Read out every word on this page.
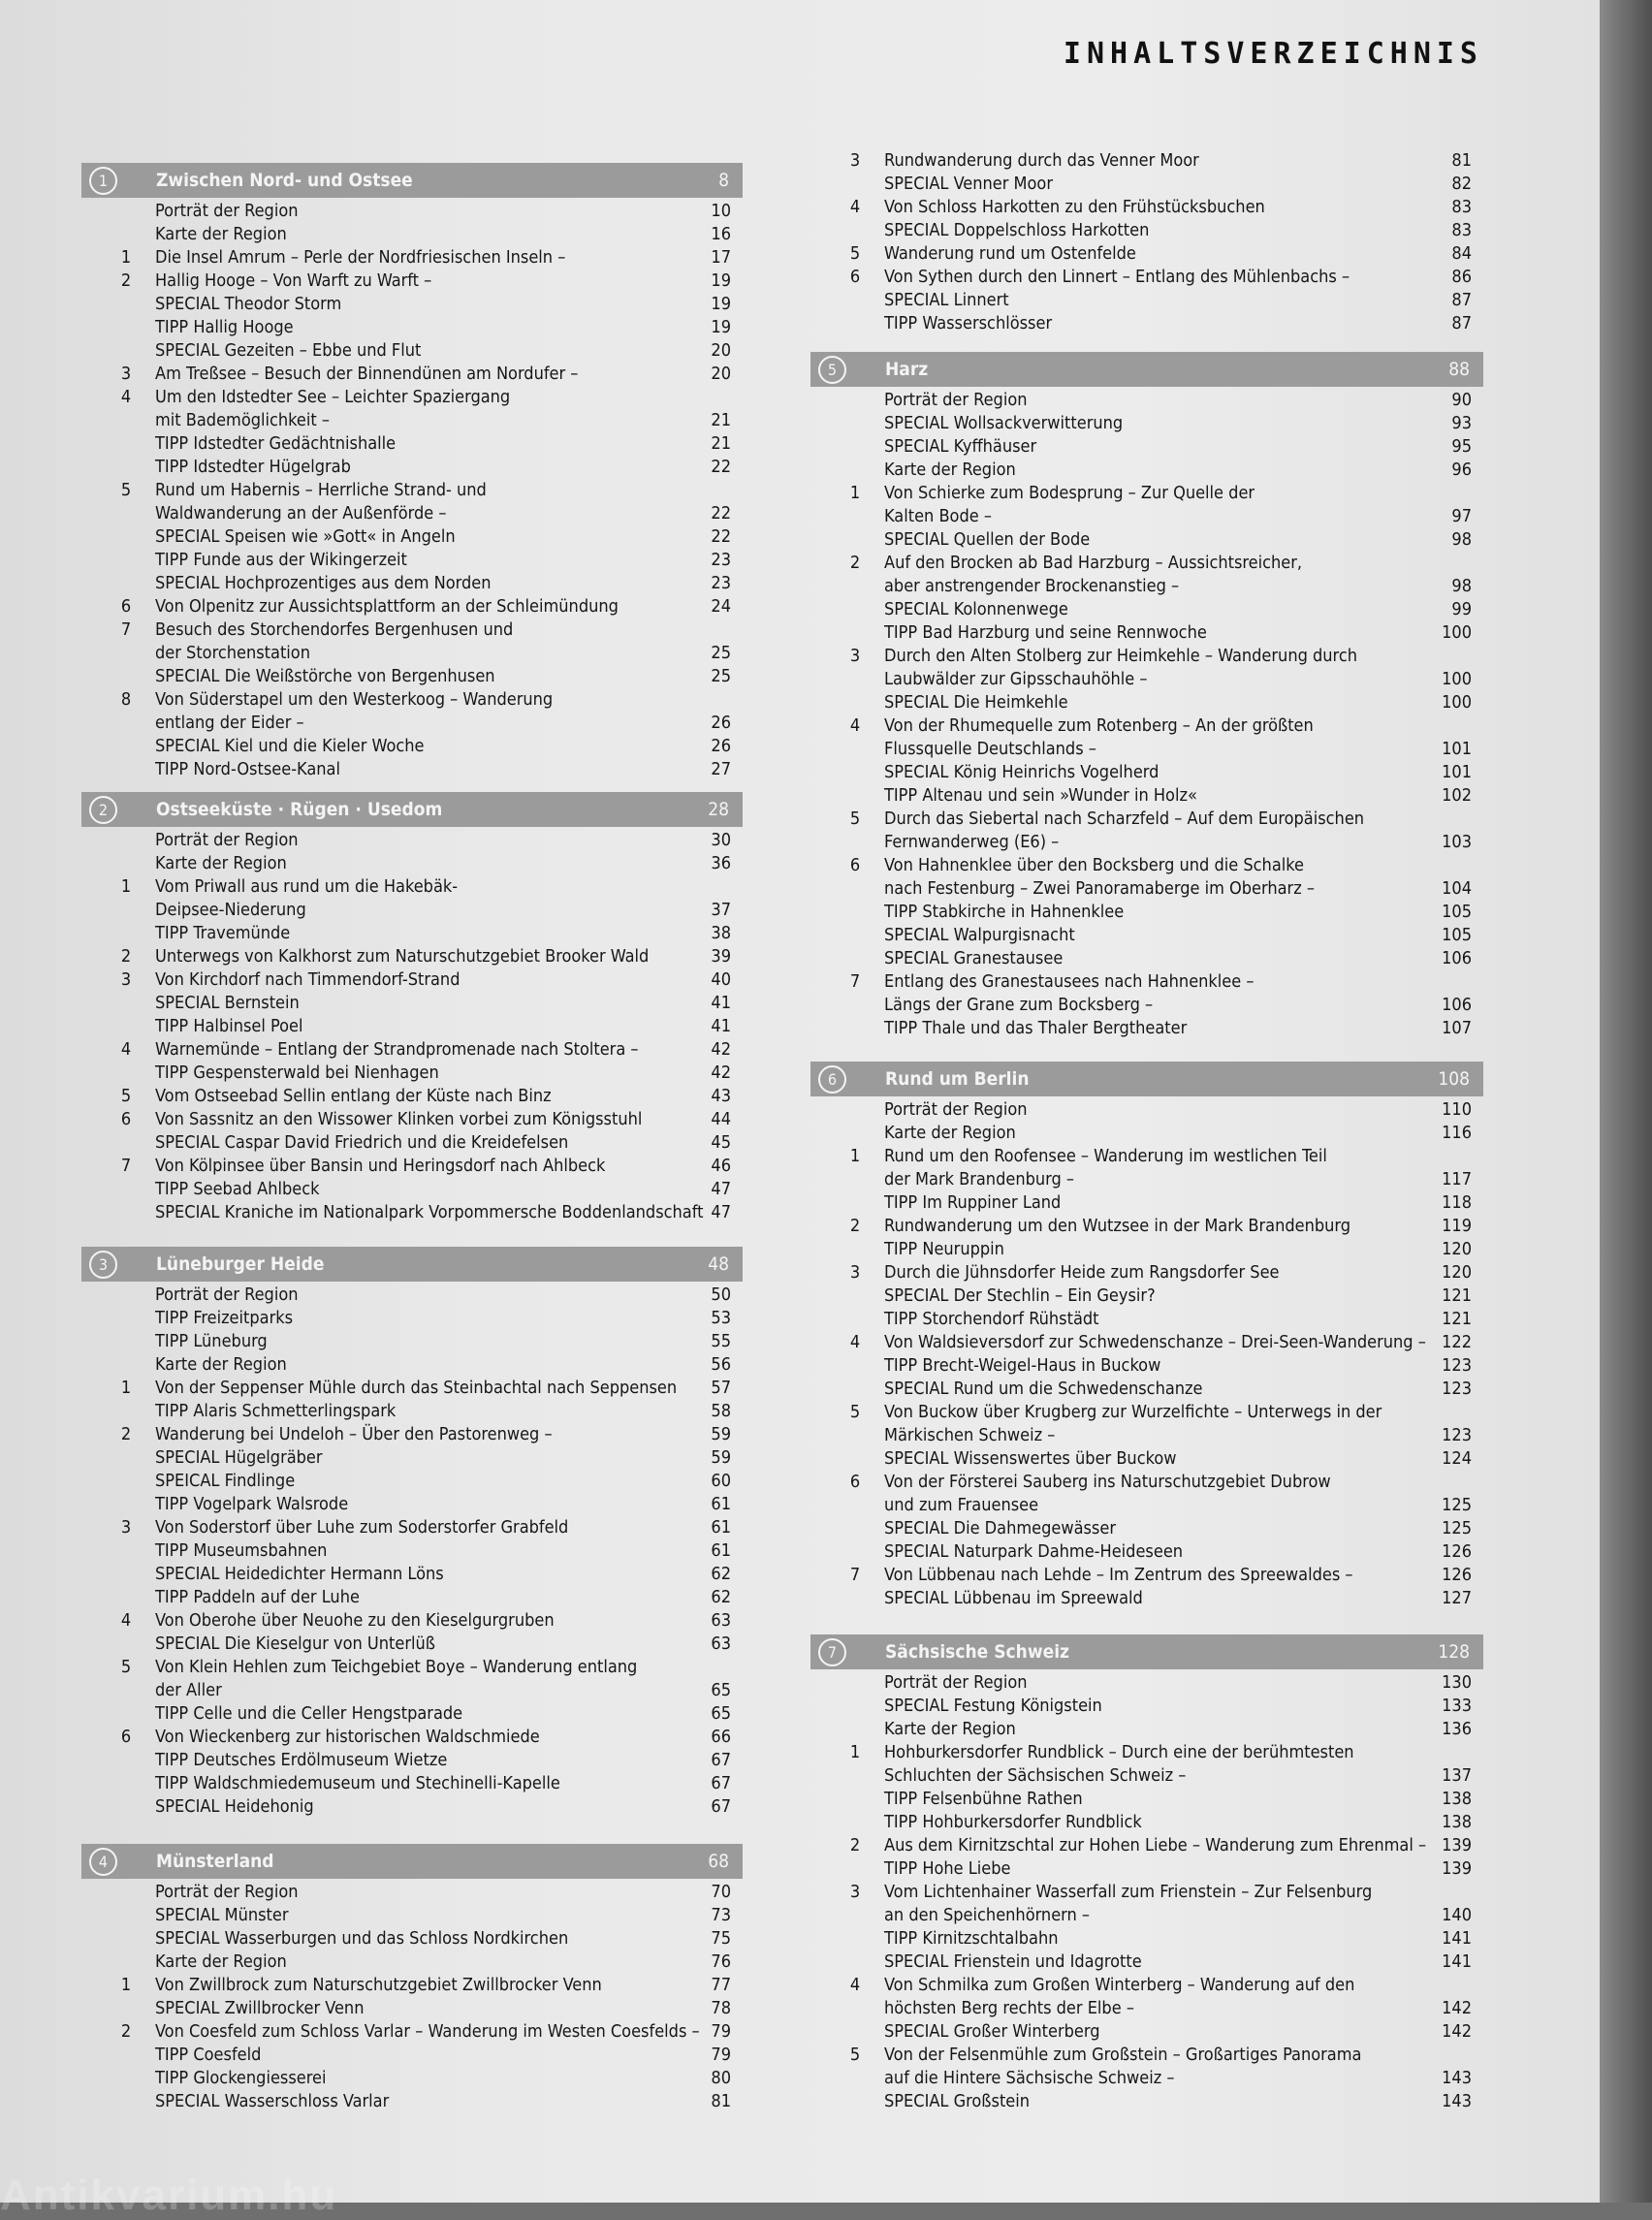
INHALTSVERZEICHNIS
1	Zwischen Nord- und Ostsee	8
Porträt der Region	10
Karte der Region	16
1 Die Insel Amrum – Perle der Nordfriesischen Inseln –	17
2 Hallig Hooge – Von Warft zu Warft –	19
SPECIAL Theodor Storm	19
TIPP Hallig Hooge	19
SPECIAL Gezeiten – Ebbe und Flut	20
3 Am Treßsee – Besuch der Binnendünen am Nordufer –	20
4 Um den Idstedter See – Leichter Spaziergang
mit Bademöglichkeit –	21
TIPP Idstedter Gedächtnishalle	21
TIPP Idstedter Hügelgrab	22
5 Rund um Habernis – Herrliche Strand- und
Waldwanderung an der Außenförde –	22
SPECIAL Speisen wie »Gott« in Angeln	22
TIPP Funde aus der Wikingerzeit	23
SPECIAL Hochprozentiges aus dem Norden	23
6 Von Olpenitz zur Aussichtsplattform an der Schleimündung	24
7 Besuch des Storchendorfes Bergenhusen und
der Storchenstation	25
SPECIAL Die Weißstörche von Bergenhusen	25
8 Von Süderstapel um den Westerkoog – Wanderung
entlang der Eider –	26
SPECIAL Kiel und die Kieler Woche	26
TIPP Nord-Ostsee-Kanal	27
2	Ostseeküste · Rügen · Usedom	28
Porträt der Region	30
Karte der Region	36
1 Vom Priwall aus rund um die Hakebäk-
Deipsee-Niederung	37
TIPP Travemünde	38
2 Unterwegs von Kalkhorst zum Naturschutzgebiet Brooker Wald	39
3 Von Kirchdorf nach Timmendorf-Strand	40
SPECIAL Bernstein	41
TIPP Halbinsel Poel	41
4 Warnemünde – Entlang der Strandpromenade nach Stoltera –	42
TIPP Gespensterwald bei Nienhagen	42
5 Vom Ostseebad Sellin entlang der Küste nach Binz	43
6 Von Sassnitz an den Wissower Klinken vorbei zum Königsstuhl	44
SPECIAL Caspar David Friedrich und die Kreidefelsen	45
7 Von Kölpinsee über Bansin und Heringsdorf nach Ahlbeck	46
TIPP Seebad Ahlbeck	47
SPECIAL Kraniche im Nationalpark Vorpommersche Boddenlandschaft 47
3	Lüneburger Heide	48
Porträt der Region	50
TIPP Freizeitparks	53
TIPP Lüneburg	55
Karte der Region	56
1 Von der Seppenser Mühle durch das Steinbachtal nach Seppensen 57
TIPP Alaris Schmetterlingspark	58
2 Wanderung bei Undeloh – Über den Pastorenweg –	59
SPECIAL Hügelgräber	59
SPEICAL Findlinge	60
TIPP Vogelpark Walsrode	61
3 Von Soderstorf über Luhe zum Soderstorfer Grabfeld	61
TIPP Museumsbahnen	61
SPECIAL Heidedichter Hermann Löns	62
TIPP Paddeln auf der Luhe	62
4 Von Oberohe über Neuohe zu den Kieselgurgruben	63
SPECIAL Die Kieselgur von Unterlüß	63
5 Von Klein Hehlen zum Teichgebiet Boye – Wanderung entlang
der Aller	65
TIPP Celle und die Celler Hengstparade	65
6 Von Wieckenberg zur historischen Waldschmiede	66
TIPP Deutsches Erdölmuseum Wietze	67
TIPP Waldschmiedemuseum und Stechinelli-Kapelle	67
SPECIAL Heidehonig	67
4	Münsterland	68
Porträt der Region	70
SPECIAL Münster	73
SPECIAL Wasserburgen und das Schloss Nordkirchen	75
Karte der Region	76
1 Von Zwillbrock zum Naturschutzgebiet Zwillbrocker Venn	77
SPECIAL Zwillbrocker Venn	78
2 Von Coesfeld zum Schloss Varlar – Wanderung im Westen Coesfelds – 79
TIPP Coesfeld	79
TIPP Glockengiesserei	80
SPECIAL Wasserschloss Varlar	81
3 Rundwanderung durch das Venner Moor	81
SPECIAL Venner Moor	82
4 Von Schloss Harkotten zu den Frühstücksbuchen	83
SPECIAL Doppelschloss Harkotten	83
5 Wanderung rund um Ostenfelde	84
6 Von Sythen durch den Linnert – Entlang des Mühlenbachs –	86
SPECIAL Linnert	87
TIPP Wasserschlösser	87
5	Harz	88
Porträt der Region	90
SPECIAL Wollsackverwitterung	93
SPECIAL Kyffhäuser	95
Karte der Region	96
1 Von Schierke zum Bodesprung – Zur Quelle der
Kalten Bode –	97
SPECIAL Quellen der Bode	98
2 Auf den Brocken ab Bad Harzburg – Aussichtsreicher,
aber anstrengender Brockenanstieg –	98
SPECIAL Kolonnenwege	99
TIPP Bad Harzburg und seine Rennwoche	100
3 Durch den Alten Stolberg zur Heimkehle – Wanderung durch
Laubwälder zur Gipsschauhöhle –	100
SPECIAL Die Heimkehle	100
4 Von der Rhumequelle zum Rotenberg – An der größten
Flussquelle Deutschlands –	101
SPECIAL König Heinrichs Vogelherd	101
TIPP Altenau und sein »Wunder in Holz«	102
5 Durch das Siebertal nach Scharzfeld – Auf dem Europäischen
Fernwanderweg (E6) –	103
6 Von Hahnenklee über den Bocksberg und die Schalke
nach Festenburg – Zwei Panoramaberge im Oberharz –	104
TIPP Stabkirche in Hahnenklee	105
SPECIAL Walpurgisnacht	105
SPECIAL Granestausee	106
7 Entlang des Granestausees nach Hahnenklee –
Längs der Grane zum Bocksberg –	106
TIPP Thale und das Thaler Bergtheater	107
6	Rund um Berlin	108
Porträt der Region	110
Karte der Region	116
1 Rund um den Roofensee – Wanderung im westlichen Teil
der Mark Brandenburg –	117
TIPP Im Ruppiner Land	118
2 Rundwanderung um den Wutzsee in der Mark Brandenburg	119
TIPP Neuruppin	120
3 Durch die Jühnsdorfer Heide zum Rangsdorfer See	120
SPECIAL Der Stechlin – Ein Geysir?	121
TIPP Storchendorf Rühstädt	121
4 Von Waldsieversdorf zur Schwedenschanze – Drei-Seen-Wanderung – 122
TIPP Brecht-Weigel-Haus in Buckow	123
SPECIAL Rund um die Schwedenschanze	123
5 Von Buckow über Krugberg zur Wurzelfichte – Unterwegs in der
Märkischen Schweiz –	123
SPECIAL Wissenswertes über Buckow	124
6 Von der Försterei Sauberg ins Naturschutzgebiet Dubrow
und zum Frauensee	125
SPECIAL Die Dahmegewässer	125
SPECIAL Naturpark Dahme-Heideseen	126
7 Von Lübbenau nach Lehde – Im Zentrum des Spreewaldes –	126
SPECIAL Lübbenau im Spreewald	127
7	Sächsische Schweiz	128
Porträt der Region	130
SPECIAL Festung Königstein	133
Karte der Region	136
1 Hohburkersdorfer Rundblick – Durch eine der berühmtesten
Schluchten der Sächsischen Schweiz –	137
TIPP Felsenbühne Rathen	138
TIPP Hohburkersdorfer Rundblick	138
2 Aus dem Kirnitzschtal zur Hohen Liebe – Wanderung zum Ehrenmal – 139
TIPP Hohe Liebe	139
3 Vom Lichtenhainer Wasserfall zum Frienstein – Zur Felsenburg
an den Speichenhörnern –	140
TIPP Kirnitzschtalbahn	141
SPECIAL Frienstein und Idagrotte	141
4 Von Schmilka zum Großen Winterberg – Wanderung auf den
höchsten Berg rechts der Elbe –	142
SPECIAL Großer Winterberg	142
5 Von der Felsenmühle zum Großstein – Großartiges Panorama
auf die Hintere Sächsische Schweiz –	143
SPECIAL Großstein	143
Antikvarium.hu
